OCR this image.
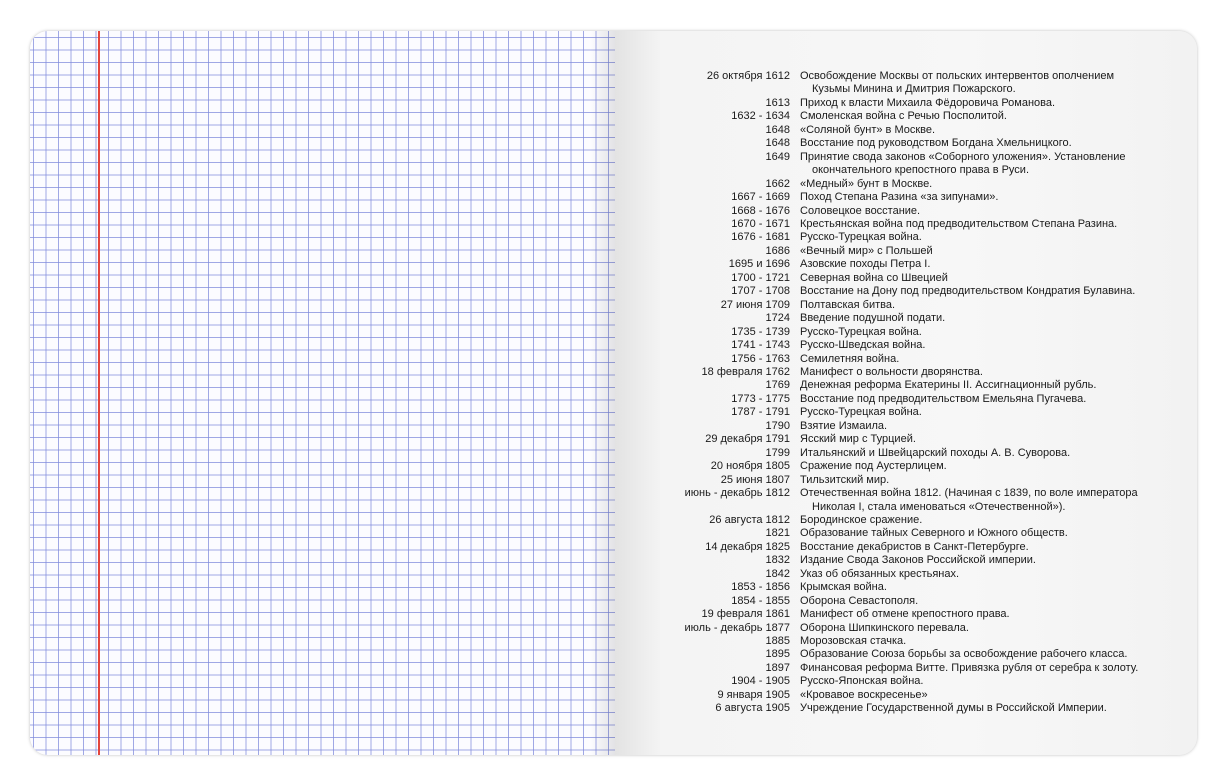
26 октября 1612 Освобождение Москвы от польских интервентов ополчением
Кузьмы Минина и Дмитрия Пожарского.
1613 Приход к власти Михаила Фёдоровича Романова.
1632 - 1634 Смоленская война с Речью Посполитой.
1648 «Соляной бунт» в Москве.
1648 Восстание под руководством Богдана Хмельницкого.
1649 Принятие свода законов «Соборного уложения». Установление
окончательного крепостного права в Руси.
1662 «Медный» бунт в Москве.
1667 - 1669 Поход Степана Разина «за зипунами».
1668 - 1676 Соловецкое восстание.
1670 - 1671 Крестьянская война под предводительством Степана Разина.
1676 - 1681 Русско-Турецкая война.
1686 «Вечный мир» с Польшей
1695 и 1696 Азовские походы Петра I.
1700 - 1721 Северная война со Швецией
1707 - 1708 Восстание на Дону под предводительством Кондратия Булавина.
27 июня 1709 Полтавская битва.
1724 Введение подушной подати.
1735 - 1739 Русско-Турецкая война.
1741 - 1743 Русско-Шведская война.
1756 - 1763 Семилетняя война.
18 февраля 1762 Манифест о вольности дворянства.
1769 Денежная реформа Екатерины II. Ассигнационный рубль.
1773 - 1775 Восстание под предводительством Емельяна Пугачева.
1787 - 1791 Русско-Турецкая война.
1790 Взятие Измаила.
29 декабря 1791 Ясский мир с Турцией.
1799 Итальянский и Швейцарский походы А. В. Суворова.
20 ноября 1805 Сражение под Аустерлицем.
25 июня 1807 Тильзитский мир.
июнь - декабрь 1812 Отечественная война 1812. (Начиная с 1839, по воле императора
Николая I, стала именоваться «Отечественной»).
26 августа 1812 Бородинское сражение.
1821 Образование тайных Северного и Южного обществ.
14 декабря 1825 Восстание декабристов в Санкт-Петербурге.
1832 Издание Свода Законов Российской империи.
1842 Указ об обязанных крестьянах.
1853 - 1856 Крымская война.
1854 - 1855 Оборона Севастополя.
19 февраля 1861 Манифест об отмене крепостного права.
июль - декабрь 1877 Оборона Шипкинского перевала.
1885 Морозовская стачка.
1895 Образование Союза борьбы за освобождение рабочего класса.
1897 Финансовая реформа Витте. Привязка рубля от серебра к золоту.
1904 - 1905 Русско-Японская война.
9 января 1905 «Кровавое воскресенье»
6 августа 1905 Учреждение Государственной думы в Российской Империи.
